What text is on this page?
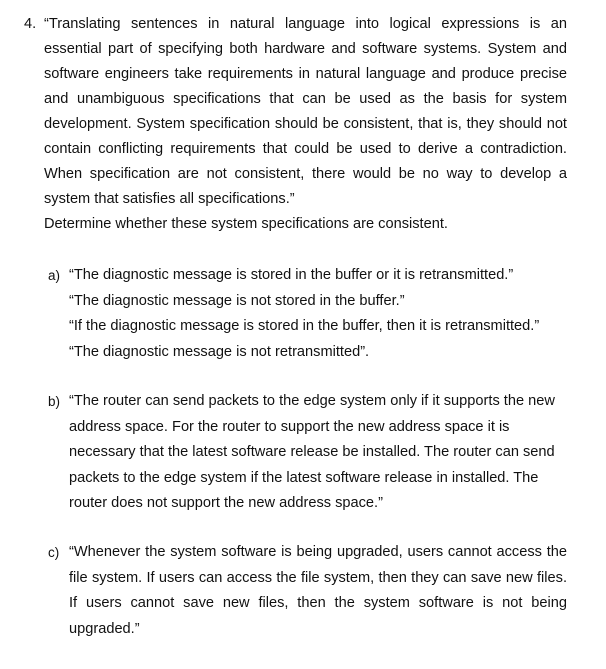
4. “Translating sentences in natural language into logical expressions is an essential part of specifying both hardware and software systems. System and software engineers take requirements in natural language and produce precise and unambiguous specifications that can be used as the basis for system development. System specification should be consistent, that is, they should not contain conflicting requirements that could be used to derive a contradiction. When specification are not consistent, there would be no way to develop a system that satisfies all specifications.”
Determine whether these system specifications are consistent.
a) “The diagnostic message is stored in the buffer or it is retransmitted.”
“The diagnostic message is not stored in the buffer.”
“If the diagnostic message is stored in the buffer, then it is retransmitted.”
“The diagnostic message is not retransmitted”.
b) “The router can send packets to the edge system only if it supports the new address space. For the router to support the new address space it is necessary that the latest software release be installed. The router can send packets to the edge system if the latest software release in installed. The router does not support the new address space.”
c) “Whenever the system software is being upgraded, users cannot access the file system. If users can access the file system, then they can save new files. If users cannot save new files, then the system software is not being upgraded.”
